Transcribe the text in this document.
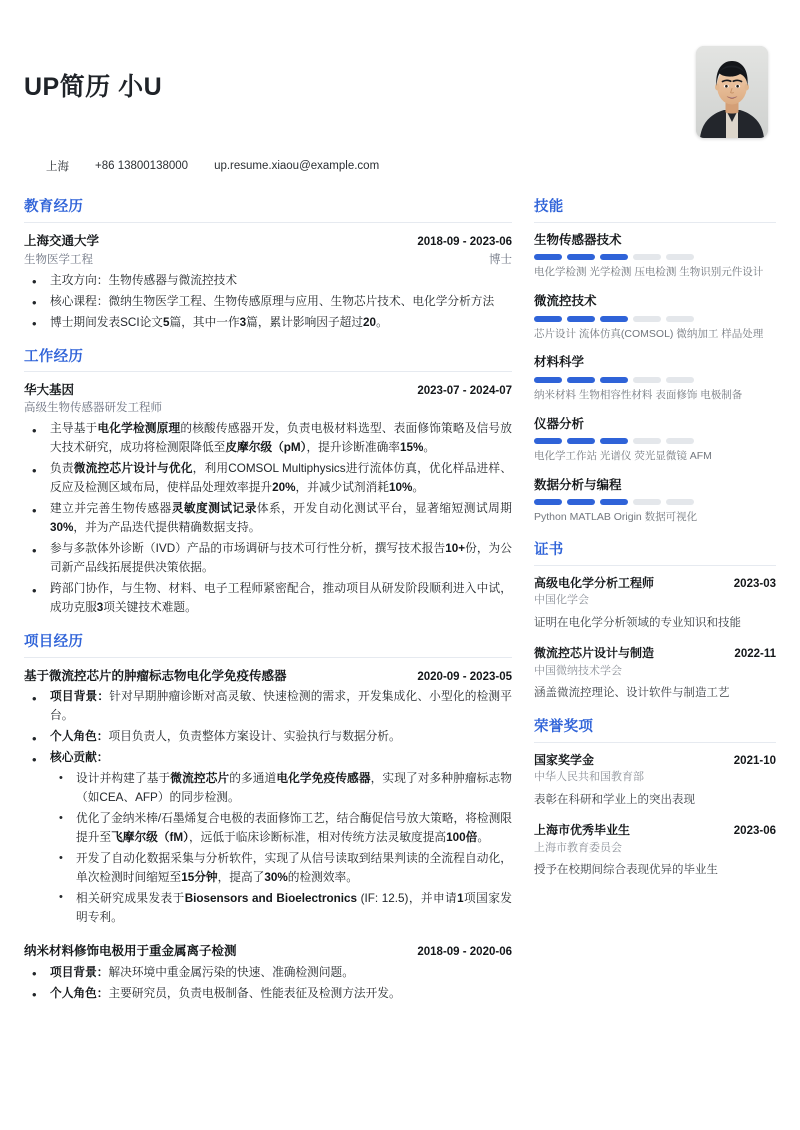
UP简历 小U
上海 +86 13800138000 up.resume.xiaou@example.com
教育经历
上海交通大学	2018-09 - 2023-06
生物医学工程	博士
• 主攻方向：生物传感器与微流控技术
• 核心课程：微纳生物医学工程、生物传感原理与应用、生物芯片技术、电化学分析方法
• 博士期间发表SCI论文5篇，其中一作3篇，累计影响因子超过20。
工作经历
华大基因	2023-07 - 2024-07
高级生物传感器研发工程师
• 主导基于电化学检测原理的核酸传感器开发，负责电极材料选型、表面修饰策略及信号放大技术研究，成功将检测限降低至皮摩尔级（pM），提升诊断准确率15%。
• 负责微流控芯片设计与优化，利用COMSOL Multiphysics进行流体仿真，优化样品进样、反应及检测区域布局，使样品处理效率提升20%，并减少试剂消耗10%。
• 建立并完善生物传感器灵敏度测试记录体系，开发自动化测试平台，显著缩短测试周期30%，并为产品迭代提供精确数据支持。
• 参与多款体外诊断（IVD）产品的市场调研与技术可行性分析，撰写技术报告10+份，为公司新产品线拓展提供决策依据。
• 跨部门协作，与生物、材料、电子工程师紧密配合，推动项目从研发阶段顺利进入中试，成功克服3项关键技术难题。
项目经历
基于微流控芯片的肿瘤标志物电化学免疫传感器	2020-09 - 2023-05
• 项目背景：针对早期肿瘤诊断对高灵敏、快速检测的需求，开发集成化、小型化的检测平台。
• 个人角色：项目负责人，负责整体方案设计、实验执行与数据分析。
• 核心贡献：
• 设计并构建了基于微流控芯片的多通道电化学免疫传感器，实现了对多种肿瘤标志物（如CEA、AFP）的同步检测。
• 优化了金纳米棒/石墨烯复合电极的表面修饰工艺，结合酶促信号放大策略，将检测限提升至飞摩尔级（fM），远低于临床诊断标准，相对传统方法灵敏度提高100倍。
• 开发了自动化数据采集与分析软件，实现了从信号读取到结果判读的全流程自动化，单次检测时间缩短至15分钟，提高了30%的检测效率。
• 相关研究成果发表于Biosensors and Bioelectronics (IF: 12.5)，并申请1项国家发明专利。
纳米材料修饰电极用于重金属离子检测	2018-09 - 2020-06
• 项目背景：解决环境中重金属污染的快速、准确检测问题。
• 个人角色：主要研究员，负责电极制备、性能表征及检测方法开发。
技能
生物传感器技术
电化学检测 光学检测 压电检测 生物识别元件设计
微流控技术
芯片设计 流体仿真(COMSOL) 微纳加工 样品处理
材料科学
纳米材料 生物相容性材料 表面修饰 电极制备
仪器分析
电化学工作站 光谱仪 荧光显微镜 AFM
数据分析与编程
Python MATLAB Origin 数据可视化
证书
高级电化学分析工程师	2023-03
中国化学会
证明在电化学分析领域的专业知识和技能
微流控芯片设计与制造	2022-11
中国微纳技术学会
涵盖微流控理论、设计软件与制造工艺
荣誉奖项
国家奖学金	2021-10
中华人民共和国教育部
表彰在科研和学业上的突出表现
上海市优秀毕业生	2023-06
上海市教育委员会
授予在校期间综合表现优异的毕业生
